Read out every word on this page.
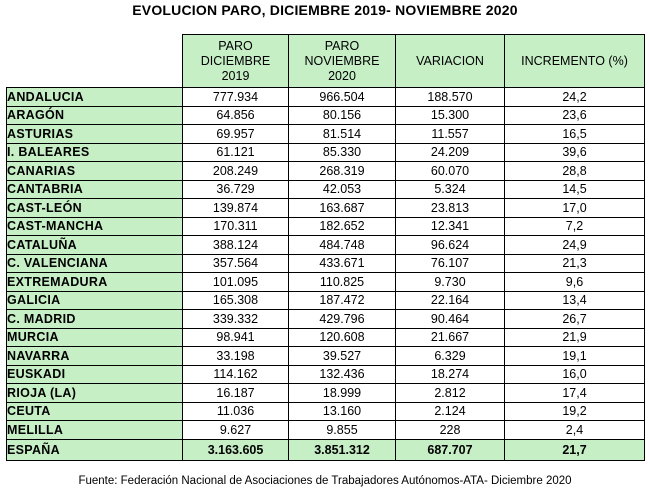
EVOLUCION PARO, DICIEMBRE 2019- NOVIEMBRE 2020
	PARO
DICIEMBRE
2019	PARO
NOVIEMBRE
2020	VARIACION	INCREMENTO (%)
ANDALUCIA	777.934	966.504	188.570	24,2
ARAGÓN	64.856	80.156	15.300	23,6
ASTURIAS	69.957	81.514	11.557	16,5
I. BALEARES	61.121	85.330	24.209	39,6
CANARIAS	208.249	268.319	60.070	28,8
CANTABRIA	36.729	42.053	5.324	14,5
CAST-LEÓN	139.874	163.687	23.813	17,0
CAST-MANCHA	170.311	182.652	12.341	7,2
CATALUÑA	388.124	484.748	96.624	24,9
C. VALENCIANA	357.564	433.671	76.107	21,3
EXTREMADURA	101.095	110.825	9.730	9,6
GALICIA	165.308	187.472	22.164	13,4
C. MADRID	339.332	429.796	90.464	26,7
MURCIA	98.941	120.608	21.667	21,9
NAVARRA	33.198	39.527	6.329	19,1
EUSKADI	114.162	132.436	18.274	16,0
RIOJA (LA)	16.187	18.999	2.812	17,4
CEUTA	11.036	13.160	2.124	19,2
MELILLA	9.627	9.855	228	2,4
ESPAÑA	3.163.605	3.851.312	687.707	21,7
Fuente: Federación Nacional de Asociaciones de Trabajadores Autónomos-ATA- Diciembre 2020
